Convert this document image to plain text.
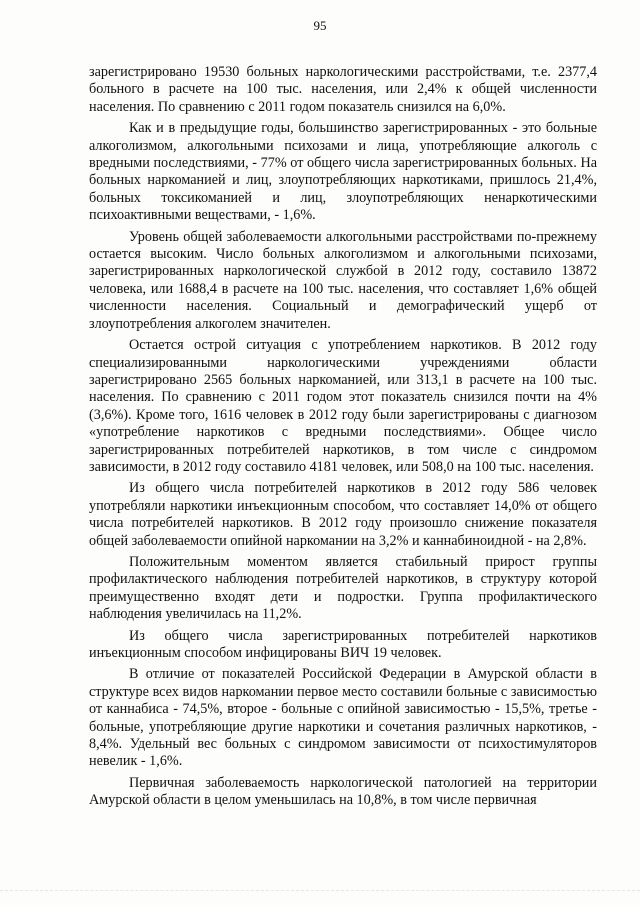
95

зарегистрировано 19530 больных наркологическими расстройствами, т.е. 2377,4 больного в расчете на 100 тыс. населения, или 2,4% к общей численности населения. По сравнению с 2011 годом показатель снизился на 6,0%.

Как и в предыдущие годы, большинство зарегистрированных - это больные алкоголизмом, алкогольными психозами и лица, употребляющие алкоголь с вредными последствиями, - 77% от общего числа зарегистрированных больных. На больных наркоманией и лиц, злоупотребляющих наркотиками, пришлось 21,4%, больных токсикоманией и лиц, злоупотребляющих ненаркотическими психоактивными веществами, - 1,6%.

Уровень общей заболеваемости алкогольными расстройствами по-прежнему остается высоким. Число больных алкоголизмом и алкогольными психозами, зарегистрированных наркологической службой в 2012 году, составило 13872 человека, или 1688,4 в расчете на 100 тыс. населения, что составляет 1,6% общей численности населения. Социальный и демографический ущерб от злоупотребления алкоголем значителен.

Остается острой ситуация с употреблением наркотиков. В 2012 году специализированными наркологическими учреждениями области зарегистрировано 2565 больных наркоманией, или 313,1 в расчете на 100 тыс. населения. По сравнению с 2011 годом этот показатель снизился почти на 4% (3,6%). Кроме того, 1616 человек в 2012 году были зарегистрированы с диагнозом «употребление наркотиков с вредными последствиями». Общее число зарегистрированных потребителей наркотиков, в том числе с синдромом зависимости, в 2012 году составило 4181 человек, или 508,0 на 100 тыс. населения.

Из общего числа потребителей наркотиков в 2012 году 586 человек употребляли наркотики инъекционным способом, что составляет 14,0% от общего числа потребителей наркотиков. В 2012 году произошло снижение показателя общей заболеваемости опийной наркомании на 3,2% и каннабиноидной - на 2,8%.

Положительным моментом является стабильный прирост группы профилактического наблюдения потребителей наркотиков, в структуру которой преимущественно входят дети и подростки. Группа профилактического наблюдения увеличилась на 11,2%.

Из общего числа зарегистрированных потребителей наркотиков инъекционным способом инфицированы ВИЧ 19 человек.

В отличие от показателей Российской Федерации в Амурской области в структуре всех видов наркомании первое место составили больные с зависимостью от каннабиса - 74,5%, второе - больные с опийной зависимостью - 15,5%, третье - больные, употребляющие другие наркотики и сочетания различных наркотиков, - 8,4%. Удельный вес больных с синдромом зависимости от психостимуляторов невелик - 1,6%.

Первичная заболеваемость наркологической патологией на территории Амурской области в целом уменьшилась на 10,8%, в том числе первичная
